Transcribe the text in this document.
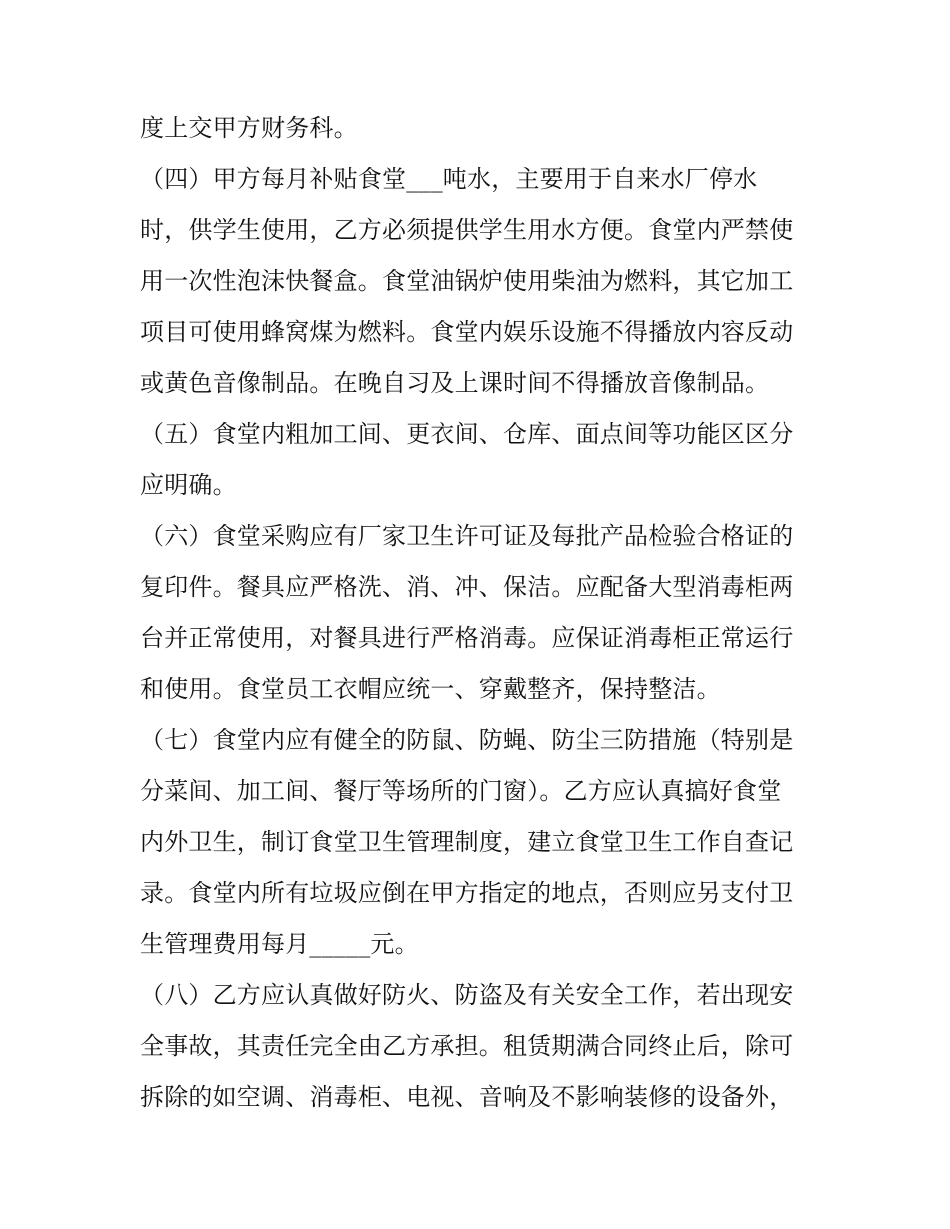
度上交甲方财务科。
（四）甲方每月补贴食堂___吨水，主要用于自来水厂停水
时，供学生使用，乙方必须提供学生用水方便。食堂内严禁使
用一次性泡沫快餐盒。食堂油锅炉使用柴油为燃料，其它加工
项目可使用蜂窝煤为燃料。食堂内娱乐设施不得播放内容反动
或黄色音像制品。在晚自习及上课时间不得播放音像制品。
（五）食堂内粗加工间、更衣间、仓库、面点间等功能区区分
应明确。
（六）食堂采购应有厂家卫生许可证及每批产品检验合格证的
复印件。餐具应严格洗、消、冲、保洁。应配备大型消毒柜两
台并正常使用，对餐具进行严格消毒。应保证消毒柜正常运行
和使用。食堂员工衣帽应统一、穿戴整齐，保持整洁。
（七）食堂内应有健全的防鼠、防蝇、防尘三防措施（特别是
分菜间、加工间、餐厅等场所的门窗）。乙方应认真搞好食堂
内外卫生，制订食堂卫生管理制度，建立食堂卫生工作自查记
录。食堂内所有垃圾应倒在甲方指定的地点，否则应另支付卫
生管理费用每月_____元。
（八）乙方应认真做好防火、防盗及有关安全工作，若出现安
全事故，其责任完全由乙方承担。租赁期满合同终止后，除可
拆除的如空调、消毒柜、电视、音响及不影响装修的设备外，
